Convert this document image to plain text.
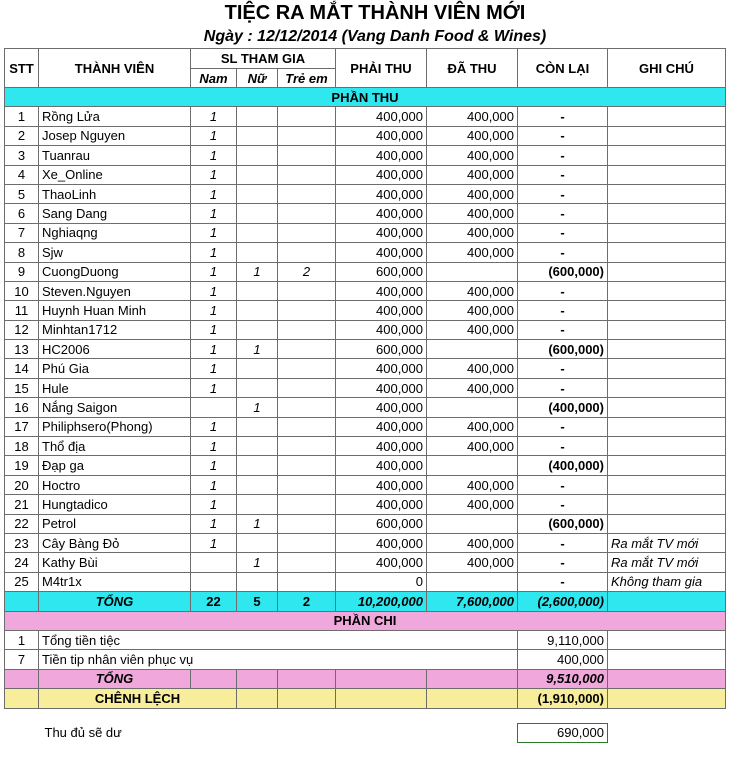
TIỆC RA MẮT THÀNH VIÊN MỚI
Ngày : 12/12/2014 (Vang Danh Food & Wines)
STT	THÀNH VIÊN	SL THAM GIA			PHẢI THU	ĐÃ THU	CÒN LẠI	GHI CHÚ
		Nam	Nữ	Trẻ em				
PHẦN THU								
1	Rồng Lửa	1			400,000	400,000	-	
2	Josep Nguyen	1			400,000	400,000	-	
3	Tuanrau	1			400,000	400,000	-	
4	Xe_Online	1			400,000	400,000	-	
5	ThaoLinh	1			400,000	400,000	-	
6	Sang Dang	1			400,000	400,000	-	
7	Nghiaqng	1			400,000	400,000	-	
8	Sjw	1			400,000	400,000	-	
9	CuongDuong	1	1	2	600,000		(600,000)	
10	Steven.Nguyen	1			400,000	400,000	-	
11	Huynh Huan Minh	1			400,000	400,000	-	
12	Minhtan1712	1			400,000	400,000	-	
13	HC2006	1	1		600,000		(600,000)	
14	Phú Gia	1			400,000	400,000	-	
15	Hule	1			400,000	400,000	-	
16	Nắng Saigon		1		400,000		(400,000)	
17	Philiphsero(Phong)	1			400,000	400,000	-	
18	Thổ địa	1			400,000	400,000	-	
19	Đạp ga	1			400,000		(400,000)	
20	Hoctro	1			400,000	400,000	-	
21	Hungtadico	1			400,000	400,000	-	
22	Petrol	1	1		600,000		(600,000)	
23	Cây Bàng Đỏ	1			400,000	400,000	-	Ra mắt TV mới
24	Kathy Bùi		1		400,000	400,000	-	Ra mắt TV mới
25	M4tr1x				0		-	Không tham gia
	TỔNG	22	5	2	10,200,000	7,600,000	(2,600,000)	
PHẦN CHI								
1	Tổng tiền tiệc						9,110,000	
7	Tiền tip nhân viên phục vụ						400,000	
	TỔNG						9,510,000	
	CHÊNH LỆCH						(1,910,000)	

	Thu đủ sẽ dư						690,000	
